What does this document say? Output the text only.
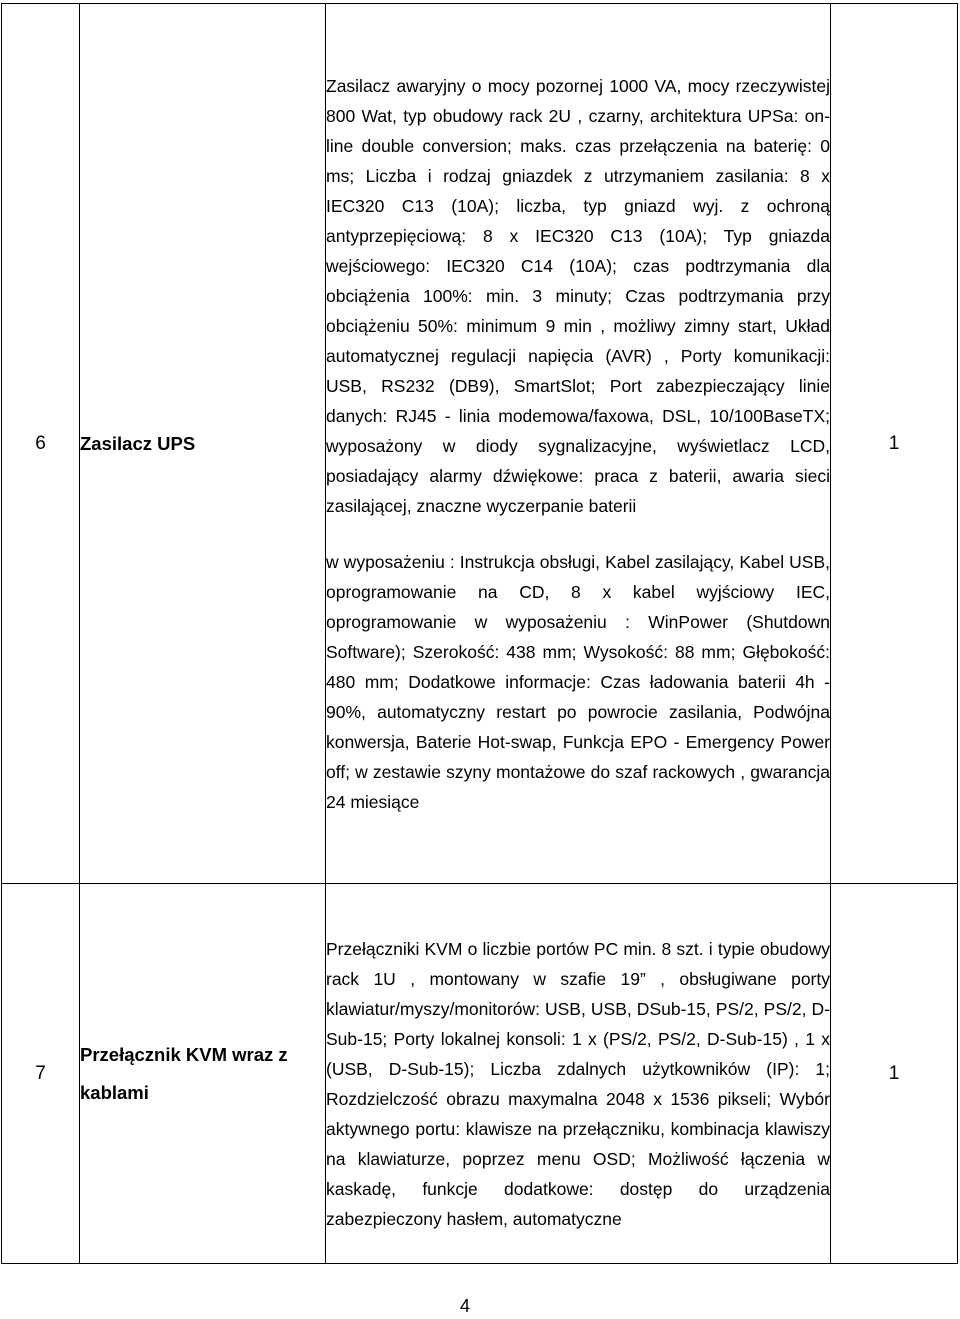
6	Zasilacz UPS	Zasilacz awaryjny o mocy pozornej 1000 VA, mocy rzeczywistej 800 Wat, typ obudowy rack 2U , czarny, architektura UPSa: on-line double conversion; maks. czas przełączenia na baterię: 0 ms; Liczba i rodzaj gniazdek z utrzymaniem zasilania: 8 x IEC320 C13 (10A); liczba, typ gniazd wyj. z ochroną antyprzepięciową: 8 x IEC320 C13 (10A); Typ gniazda wejściowego: IEC320 C14 (10A); czas podtrzymania dla obciążenia 100%: min. 3 minuty; Czas podtrzymania przy obciążeniu 50%: minimum 9 min , możliwy zimny start, Układ automatycznej regulacji napięcia (AVR) , Porty komunikacji: USB, RS232 (DB9), SmartSlot; Port zabezpieczający linie danych: RJ45 - linia modemowa/faxowa, DSL, 10/100BaseTX; wyposażony w diody sygnalizacyjne, wyświetlacz LCD, posiadający alarmy dźwiękowe: praca z baterii, awaria sieci zasilającej, znaczne wyczerpanie baterii

w wyposażeniu : Instrukcja obsługi, Kabel zasilający, Kabel USB, oprogramowanie na CD, 8 x kabel wyjściowy IEC, oprogramowanie w wyposażeniu : WinPower (Shutdown Software); Szerokość: 438 mm; Wysokość: 88 mm; Głębokość: 480 mm; Dodatkowe informacje: Czas ładowania baterii 4h - 90%, automatyczny restart po powrocie zasilania, Podwójna konwersja, Baterie Hot-swap, Funkcja EPO - Emergency Power off; w zestawie szyny montażowe do szaf rackowych , gwarancja 24 miesiące	1
7	Przełącznik KVM wraz z kablami	Przełączniki KVM o liczbie portów PC min. 8 szt. i typie obudowy rack 1U , montowany w szafie 19” , obsługiwane porty klawiatur/myszy/monitorów: USB, USB, DSub-15, PS/2, PS/2, D-Sub-15; Porty lokalnej konsoli: 1 x (PS/2, PS/2, D-Sub-15) , 1 x (USB, D-Sub-15); Liczba zdalnych użytkowników (IP): 1; Rozdzielczość obrazu maxymalna 2048 x 1536 pikseli; Wybór aktywnego portu: klawisze na przełączniku, kombinacja klawiszy na klawiaturze, poprzez menu OSD; Możliwość łączenia w kaskadę, funkcje dodatkowe: dostęp do urządzenia zabezpieczony hasłem, automatyczne	1
4
